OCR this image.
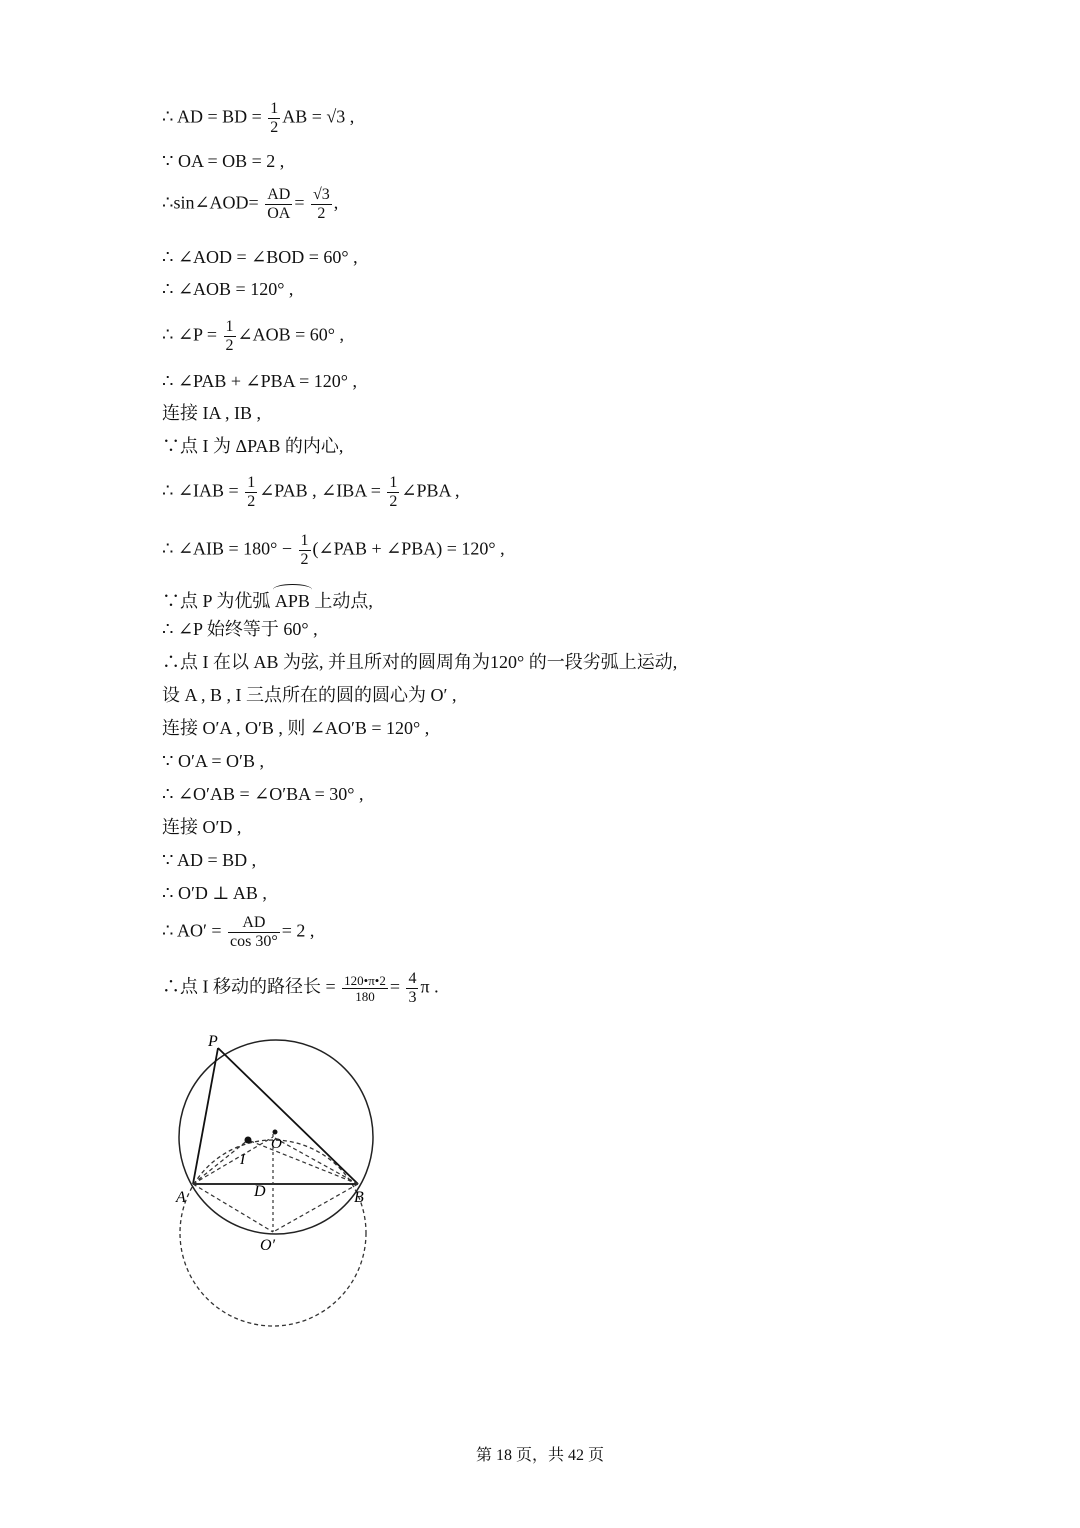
∴ AD = BD = $\frac{1}{2}$ AB = √3 ,
∵ OA = OB = 2 ,
∴sin∠AOD= $\frac{AD}{OA} = \frac{√3}{2}$ ,
∴ ∠AOD = ∠BOD = 60° ,
∴ ∠AOB = 120° ,
∴ ∠P = $\frac{1}{2}$ ∠AOB = 60° ,
∴ ∠PAB + ∠PBA = 120° ,
连接 IA , IB ,
∵点 I 为 ΔPAB 的内心,
∴ ∠IAB = $\frac{1}{2}$ ∠PAB , ∠IBA = $\frac{1}{2}$ ∠PBA ,
∴ ∠AIB = $180^\circ - \frac{1}{2}$ (∠PAB + ∠PBA) = 120° ,
∵点 P 为优弧 APB 上动点,
∴ ∠P 始终等于 60° ,
∴点 I 在以 AB 为弦, 并且所对的圆周角为120° 的一段劣弧上运动,
设 A , B , I 三点所在的圆的圆心为 O′ ,
连接 O′A , O′B , 则 ∠AO′B = 120° ,
∵ O′A = O′B ,
∴ ∠O′AB = ∠O′BA = 30° ,
连接 O′D ,
∵ AD = BD ,
∴ O′D ⊥ AB ,
∴ $AO' = \frac{AD}{\cos 30^\circ} = 2$ ,
∴点 I 移动的路径长 = $\frac{120•\pi•2}{180} = \frac{4}{3}$ π .
P
O
I
A	D	B
O′
第 18 页，共 42 页
